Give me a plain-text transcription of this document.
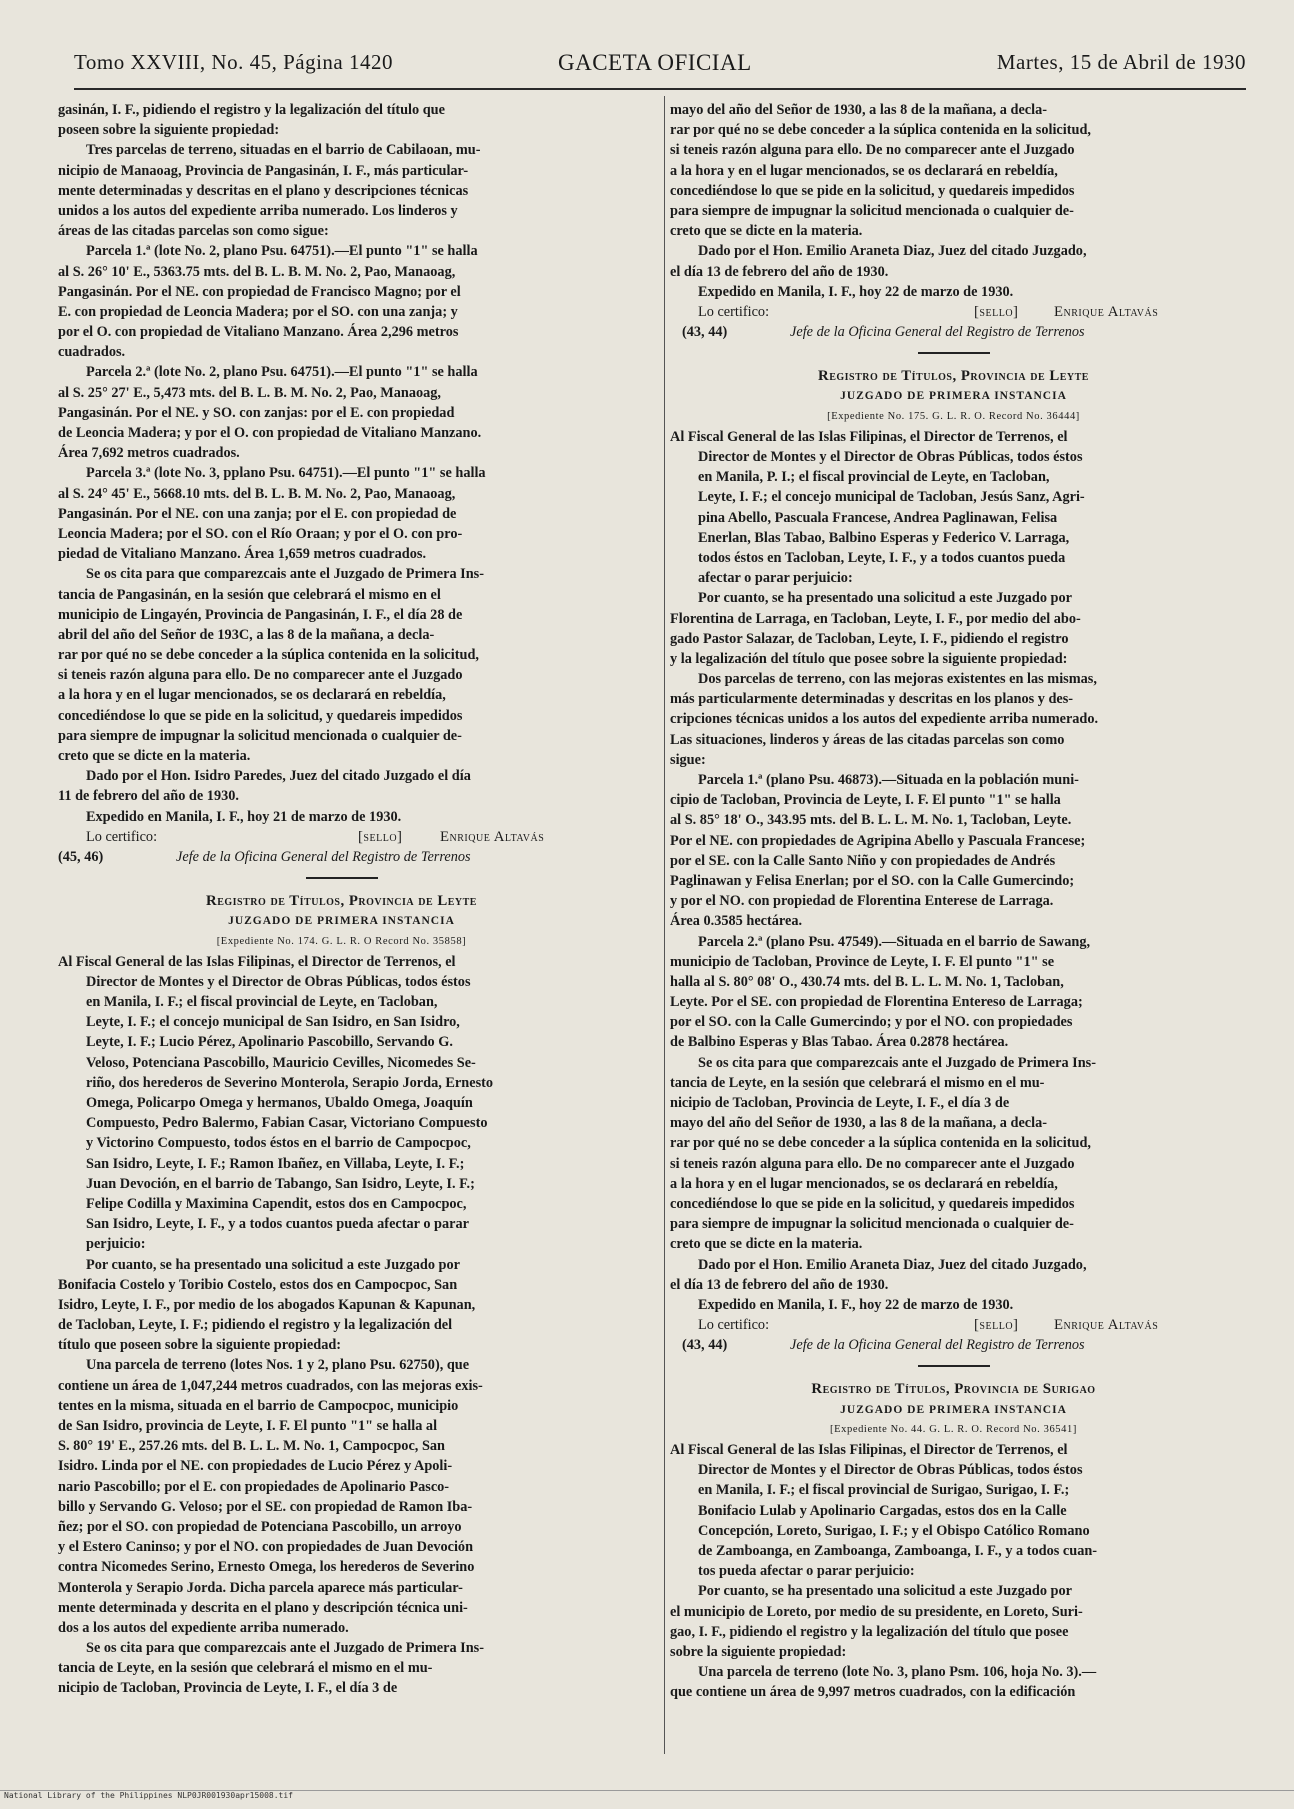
Tomo XXVIII, No. 45, Página 1420	GACETA OFICIAL	Martes, 15 de Abril de 1930
gasinán, I. F., pidiendo el registro y la legalización del título que
poseen sobre la siguiente propiedad:
Tres parcelas de terreno, situadas en el barrio de Cabilaoan, mu-
nicipio de Manaoag, Provincia de Pangasinán, I. F., más particular-
mente determinadas y descritas en el plano y descripciones técnicas
unidos a los autos del expediente arriba numerado. Los linderos y
áreas de las citadas parcelas son como sigue:
Parcela 1.ª (lote No. 2, plano Psu. 64751).—El punto "1" se halla
al S. 26° 10' E., 5363.75 mts. del B. L. B. M. No. 2, Pao, Manaoag,
Pangasinán. Por el NE. con propiedad de Francisco Magno; por el
E. con propiedad de Leoncia Madera; por el SO. con una zanja; y
por el O. con propiedad de Vitaliano Manzano. Área 2,296 metros
cuadrados.
Parcela 2.ª (lote No. 2, plano Psu. 64751).—El punto "1" se halla
al S. 25° 27' E., 5,473 mts. del B. L. B. M. No. 2, Pao, Manaoag,
Pangasinán. Por el NE. y SO. con zanjas: por el E. con propiedad
de Leoncia Madera; y por el O. con propiedad de Vitaliano Manzano.
Área 7,692 metros cuadrados.
Parcela 3.ª (lote No. 3, pplano Psu. 64751).—El punto "1" se halla
al S. 24° 45' E., 5668.10 mts. del B. L. B. M. No. 2, Pao, Manaoag,
Pangasinán. Por el NE. con una zanja; por el E. con propiedad de
Leoncia Madera; por el SO. con el Río Oraan; y por el O. con pro-
piedad de Vitaliano Manzano. Área 1,659 metros cuadrados.
Se os cita para que comparezcais ante el Juzgado de Primera Ins-
tancia de Pangasinán, en la sesión que celebrará el mismo en el
municipio de Lingayén, Provincia de Pangasinán, I. F., el día 28 de
abril del año del Señor de 193C, a las 8 de la mañana, a decla-
rar por qué no se debe conceder a la súplica contenida en la solicitud,
si teneis razón alguna para ello. De no comparecer ante el Juzgado
a la hora y en el lugar mencionados, se os declarará en rebeldía,
concediéndose lo que se pide en la solicitud, y quedareis impedidos
para siempre de impugnar la solicitud mencionada o cualquier de-
creto que se dicte en la materia.
Dado por el Hon. Isidro Paredes, Juez del citado Juzgado el día
11 de febrero del año de 1930.
Expedido en Manila, I. F., hoy 21 de marzo de 1930.
Lo certifico:	[sello]	Enrique Altavás
(45, 46)	Jefe de la Oficina General del Registro de Terrenos
Registro de Títulos, Provincia de Leyte
JUZGADO DE PRIMERA INSTANCIA
[Expediente No. 174. G. L. R. O Record No. 35858]
Al Fiscal General de las Islas Filipinas, el Director de Terrenos, el
Director de Montes y el Director de Obras Públicas, todos éstos
en Manila, I. F.; el fiscal provincial de Leyte, en Tacloban,
Leyte, I. F.; el concejo municipal de San Isidro, en San Isidro,
Leyte, I. F.; Lucio Pérez, Apolinario Pascobillo, Servando G.
Veloso, Potenciana Pascobillo, Mauricio Cevilles, Nicomedes Se-
riño, dos herederos de Severino Monterola, Serapio Jorda, Ernesto
Omega, Policarpo Omega y hermanos, Ubaldo Omega, Joaquín
Compuesto, Pedro Balermo, Fabian Casar, Victoriano Compuesto
y Victorino Compuesto, todos éstos en el barrio de Campocpoc,
San Isidro, Leyte, I. F.; Ramon Ibañez, en Villaba, Leyte, I. F.;
Juan Devoción, en el barrio de Tabango, San Isidro, Leyte, I. F.;
Felipe Codilla y Maximina Capendit, estos dos en Campocpoc,
San Isidro, Leyte, I. F., y a todos cuantos pueda afectar o parar
perjuicio:
Por cuanto, se ha presentado una solicitud a este Juzgado por
Bonifacia Costelo y Toribio Costelo, estos dos en Campocpoc, San
Isidro, Leyte, I. F., por medio de los abogados Kapunan & Kapunan,
de Tacloban, Leyte, I. F.; pidiendo el registro y la legalización del
título que poseen sobre la siguiente propiedad:
Una parcela de terreno (lotes Nos. 1 y 2, plano Psu. 62750), que
contiene un área de 1,047,244 metros cuadrados, con las mejoras exis-
tentes en la misma, situada en el barrio de Campocpoc, municipio
de San Isidro, provincia de Leyte, I. F. El punto "1" se halla al
S. 80° 19' E., 257.26 mts. del B. L. L. M. No. 1, Campocpoc, San
Isidro. Linda por el NE. con propiedades de Lucio Pérez y Apoli-
nario Pascobillo; por el E. con propiedades de Apolinario Pasco-
billo y Servando G. Veloso; por el SE. con propiedad de Ramon Iba-
ñez; por el SO. con propiedad de Potenciana Pascobillo, un arroyo
y el Estero Caninso; y por el NO. con propiedades de Juan Devoción
contra Nicomedes Serino, Ernesto Omega, los herederos de Severino
Monterola y Serapio Jorda. Dicha parcela aparece más particular-
mente determinada y descrita en el plano y descripción técnica uni-
dos a los autos del expediente arriba numerado.
Se os cita para que comparezcais ante el Juzgado de Primera Ins-
tancia de Leyte, en la sesión que celebrará el mismo en el mu-
nicipio de Tacloban, Provincia de Leyte, I. F., el día 3 de
mayo del año del Señor de 1930, a las 8 de la mañana, a decla-
rar por qué no se debe conceder a la súplica contenida en la solicitud,
si teneis razón alguna para ello. De no comparecer ante el Juzgado
a la hora y en el lugar mencionados, se os declarará en rebeldía,
concediéndose lo que se pide en la solicitud, y quedareis impedidos
para siempre de impugnar la solicitud mencionada o cualquier de-
creto que se dicte en la materia.
Dado por el Hon. Emilio Araneta Diaz, Juez del citado Juzgado,
el día 13 de febrero del año de 1930.
Expedido en Manila, I. F., hoy 22 de marzo de 1930.
Lo certifico:	[sello] Enrique Altavás
(43, 44)	Jefe de la Oficina General del Registro de Terrenos
Registro de Títulos, Provincia de Leyte
JUZGADO DE PRIMERA INSTANCIA
[Expediente No. 175. G. L. R. O. Record No. 36444]
Al Fiscal General de las Islas Filipinas, el Director de Terrenos, el
Director de Montes y el Director de Obras Públicas, todos éstos
en Manila, P. I.; el fiscal provincial de Leyte, en Tacloban,
Leyte, I. F.; el concejo municipal de Tacloban, Jesús Sanz, Agri-
pina Abello, Pascuala Francese, Andrea Paglinawan, Felisa
Enerlan, Blas Tabao, Balbino Esperas y Federico V. Larraga,
todos éstos en Tacloban, Leyte, I. F., y a todos cuantos pueda
afectar o parar perjuicio:
Por cuanto, se ha presentado una solicitud a este Juzgado por
Florentina de Larraga, en Tacloban, Leyte, I. F., por medio del abo-
gado Pastor Salazar, de Tacloban, Leyte, I. F., pidiendo el registro
y la legalización del título que posee sobre la siguiente propiedad:
Dos parcelas de terreno, con las mejoras existentes en las mismas,
más particularmente determinadas y descritas en los planos y des-
cripciones técnicas unidos a los autos del expediente arriba numerado.
Las situaciones, linderos y áreas de las citadas parcelas son como
sigue:
Parcela 1.ª (plano Psu. 46873).—Situada en la población muni-
cipio de Tacloban, Provincia de Leyte, I. F. El punto "1" se halla
al S. 85° 18' O., 343.95 mts. del B. L. L. M. No. 1, Tacloban, Leyte.
Por el NE. con propiedades de Agripina Abello y Pascuala Francese;
por el SE. con la Calle Santo Niño y con propiedades de Andrés
Paglinawan y Felisa Enerlan; por el SO. con la Calle Gumercindo;
y por el NO. con propiedad de Florentina Enterese de Larraga.
Área 0.3585 hectárea.
Parcela 2.ª (plano Psu. 47549).—Situada en el barrio de Sawang,
municipio de Tacloban, Province de Leyte, I. F. El punto "1" se
halla al S. 80° 08' O., 430.74 mts. del B. L. L. M. No. 1, Tacloban,
Leyte. Por el SE. con propiedad de Florentina Entereso de Larraga;
por el SO. con la Calle Gumercindo; y por el NO. con propiedades
de Balbino Esperas y Blas Tabao. Área 0.2878 hectárea.
Se os cita para que comparezcais ante el Juzgado de Primera Ins-
tancia de Leyte, en la sesión que celebrará el mismo en el mu-
nicipio de Tacloban, Provincia de Leyte, I. F., el día 3 de
mayo del año del Señor de 1930, a las 8 de la mañana, a decla-
rar por qué no se debe conceder a la súplica contenida en la solicitud,
si teneis razón alguna para ello. De no comparecer ante el Juzgado
a la hora y en el lugar mencionados, se os declarará en rebeldía,
concediéndose lo que se pide en la solicitud, y quedareis impedidos
para siempre de impugnar la solicitud mencionada o cualquier de-
creto que se dicte en la materia.
Dado por el Hon. Emilio Araneta Diaz, Juez del citado Juzgado,
el día 13 de febrero del año de 1930.
Expedido en Manila, I. F., hoy 22 de marzo de 1930.
Lo certifico:	[sello] Enrique Altavás
(43, 44)	Jefe de la Oficina General del Registro de Terrenos
Registro de Títulos, Provincia de Surigao
JUZGADO DE PRIMERA INSTANCIA
[Expediente No. 44. G. L. R. O. Record No. 36541]
Al Fiscal General de las Islas Filipinas, el Director de Terrenos, el
Director de Montes y el Director de Obras Públicas, todos éstos
en Manila, I. F.; el fiscal provincial de Surigao, Surigao, I. F.;
Bonifacio Lulab y Apolinario Cargadas, estos dos en la Calle
Concepción, Loreto, Surigao, I. F.; y el Obispo Católico Romano
de Zamboanga, en Zamboanga, Zamboanga, I. F., y a todos cuan-
tos pueda afectar o parar perjuicio:
Por cuanto, se ha presentado una solicitud a este Juzgado por
el municipio de Loreto, por medio de su presidente, en Loreto, Suri-
gao, I. F., pidiendo el registro y la legalización del título que posee
sobre la siguiente propiedad:
Una parcela de terreno (lote No. 3, plano Psm. 106, hoja No. 3).—
que contiene un área de 9,997 metros cuadrados, con la edificación
National Library of the Philippines NLP0JR001930apr15008.tif
